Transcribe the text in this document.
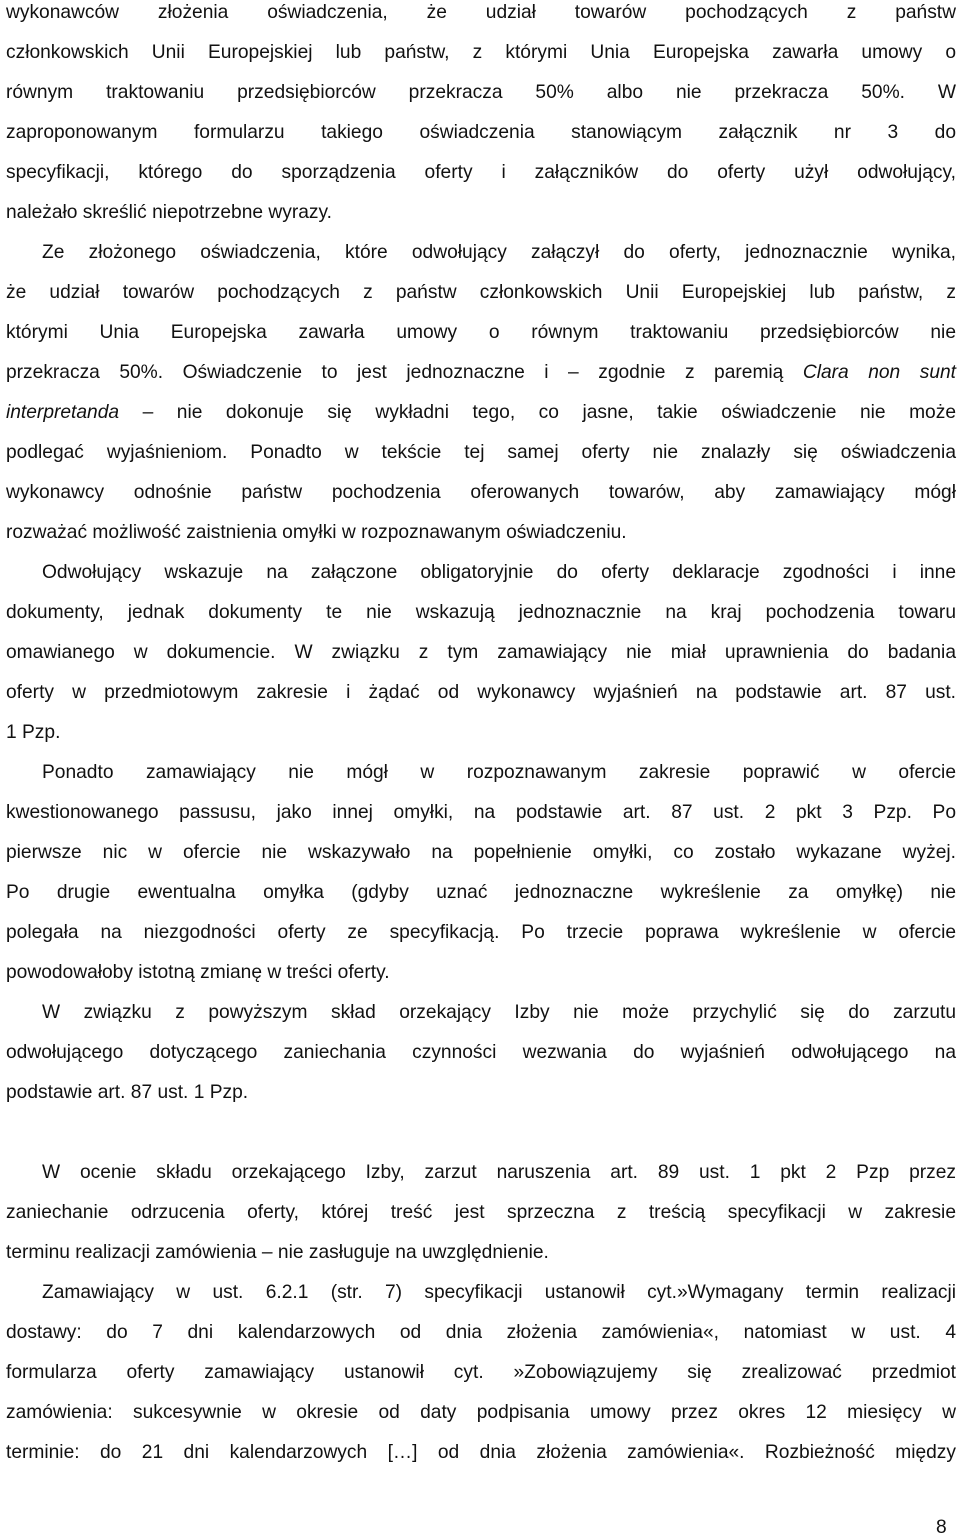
wykonawców złożenia oświadczenia, że udział towarów pochodzących z państw
członkowskich Unii Europejskiej lub państw, z którymi Unia Europejska zawarła umowy o
równym traktowaniu przedsiębiorców przekracza 50% albo nie przekracza 50%. W
zaproponowanym formularzu takiego oświadczenia stanowiącym załącznik nr 3 do
specyfikacji, którego do sporządzenia oferty i załączników do oferty użył odwołujący,
należało skreślić niepotrzebne wyrazy.
Ze złożonego oświadczenia, które odwołujący załączył do oferty, jednoznacznie wynika,
że udział towarów pochodzących z państw członkowskich Unii Europejskiej lub państw, z
którymi Unia Europejska zawarła umowy o równym traktowaniu przedsiębiorców nie
przekracza 50%. Oświadczenie to jest jednoznaczne i – zgodnie z paremią Clara non sunt
interpretanda – nie dokonuje się wykładni tego, co jasne, takie oświadczenie nie może
podlegać wyjaśnieniom. Ponadto w tekście tej samej oferty nie znalazły się oświadczenia
wykonawcy odnośnie państw pochodzenia oferowanych towarów, aby zamawiający mógł
rozważać możliwość zaistnienia omyłki w rozpoznawanym oświadczeniu.
Odwołujący wskazuje na załączone obligatoryjnie do oferty deklaracje zgodności i inne
dokumenty, jednak dokumenty te nie wskazują jednoznacznie na kraj pochodzenia towaru
omawianego w dokumencie. W związku z tym zamawiający nie miał uprawnienia do badania
oferty w przedmiotowym zakresie i żądać od wykonawcy wyjaśnień na podstawie art. 87 ust.
1 Pzp.
Ponadto zamawiający nie mógł w rozpoznawanym zakresie poprawić w ofercie
kwestionowanego passusu, jako innej omyłki, na podstawie art. 87 ust. 2 pkt 3 Pzp. Po
pierwsze nic w ofercie nie wskazywało na popełnienie omyłki, co zostało wykazane wyżej.
Po drugie ewentualna omyłka (gdyby uznać jednoznaczne wykreślenie za omyłkę) nie
polegała na niezgodności oferty ze specyfikacją. Po trzecie poprawa wykreślenie w ofercie
powodowałoby istotną zmianę w treści oferty.
W związku z powyższym skład orzekający Izby nie może przychylić się do zarzutu
odwołującego dotyczącego zaniechania czynności wezwania do wyjaśnień odwołującego na
podstawie art. 87 ust. 1 Pzp.
W ocenie składu orzekającego Izby, zarzut naruszenia art. 89 ust. 1 pkt 2 Pzp przez
zaniechanie odrzucenia oferty, której treść jest sprzeczna z treścią specyfikacji w zakresie
terminu realizacji zamówienia – nie zasługuje na uwzględnienie.
Zamawiający w ust. 6.2.1 (str. 7) specyfikacji ustanowił cyt.»Wymagany termin realizacji
dostawy: do 7 dni kalendarzowych od dnia złożenia zamówienia«, natomiast w ust. 4
formularza oferty zamawiający ustanowił cyt. »Zobowiązujemy się zrealizować przedmiot
zamówienia: sukcesywnie w okresie od daty podpisania umowy przez okres 12 miesięcy w
terminie: do 21 dni kalendarzowych […] od dnia złożenia zamówienia«. Rozbieżność między
8
